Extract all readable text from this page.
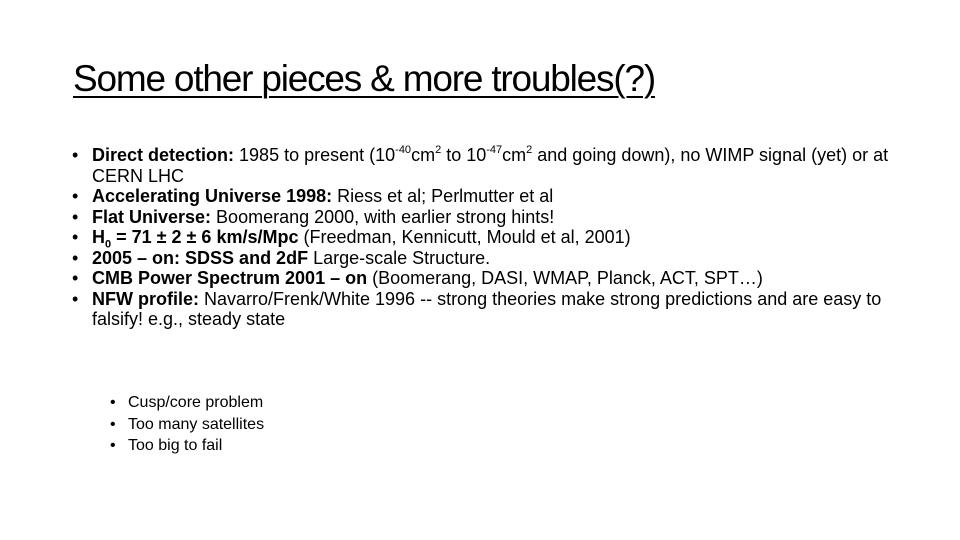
Some other pieces & more troubles(?)
• Direct detection: 1985 to present ($10^{-40}cm^2$ to $10^{-47}cm^2$ and going down), no WIMP signal (yet) or at CERN LHC
• Accelerating Universe 1998: Riess et al; Perlmutter et al
• Flat Universe: Boomerang 2000, with earlier strong hints!
• $H_0 = 71 \pm 2 \pm 6$ km/s/Mpc (Freedman, Kennicutt, Mould et al, 2001)
• 2005 – on: SDSS and 2dF Large-scale Structure.
• CMB Power Spectrum 2001 – on (Boomerang, DASI, WMAP, Planck, ACT, SPT…)
• NFW profile: Navarro/Frenk/White 1996 -- strong theories make strong predictions and are easy to falsify! e.g., steady state
• Cusp/core problem
• Too many satellites
• Too big to fail
